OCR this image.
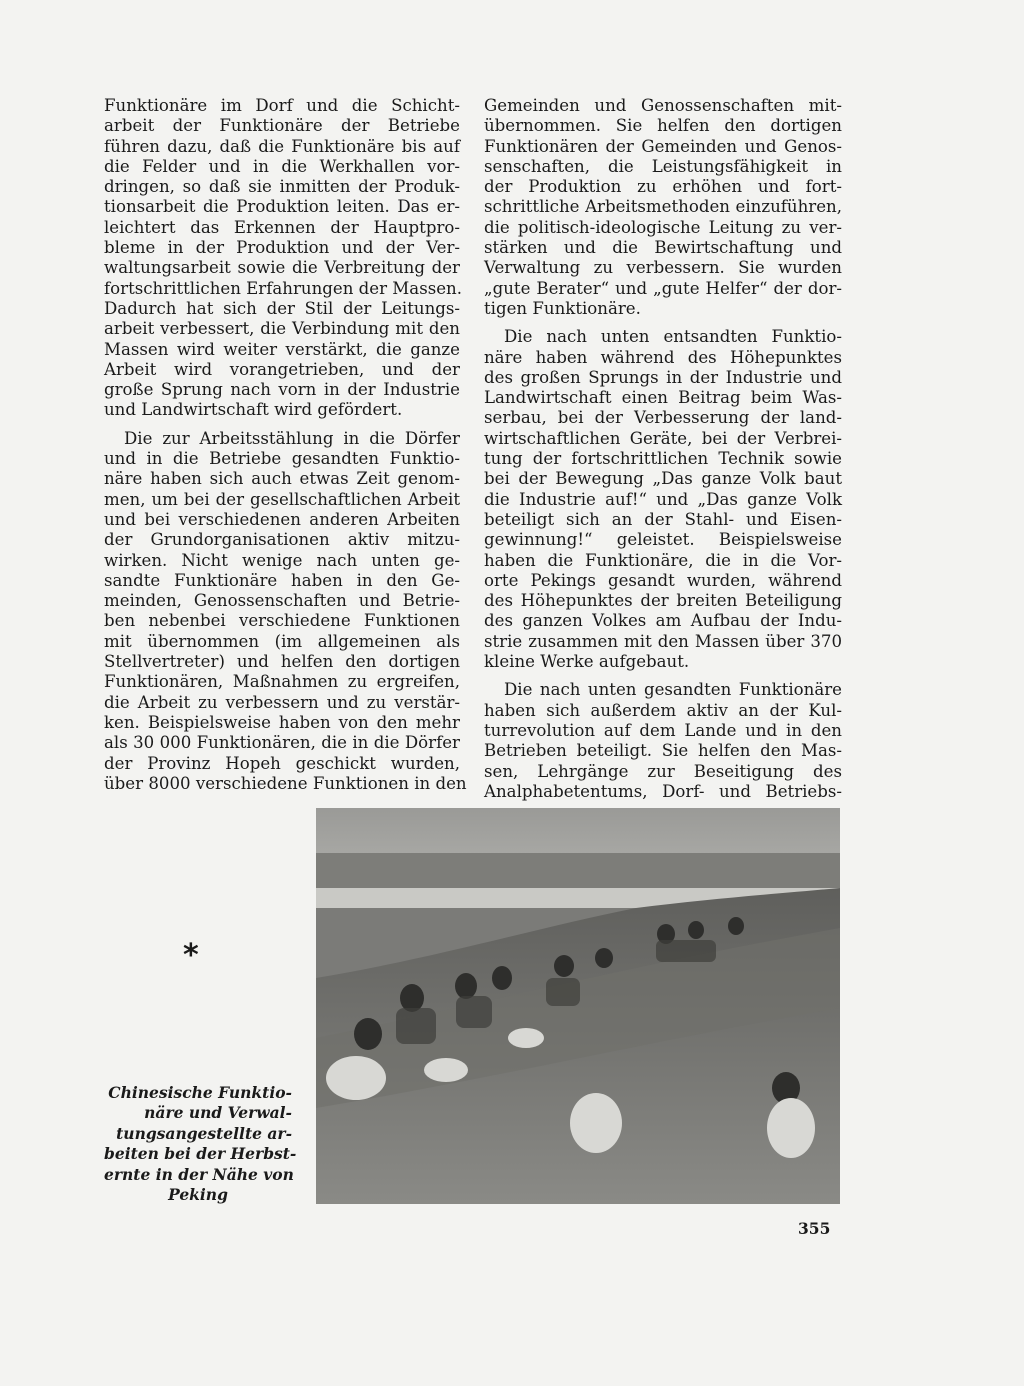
Funktionäre im Dorf und die Schicht-
arbeit der Funktionäre der Betriebe
führen dazu, daß die Funktionäre bis auf
die Felder und in die Werkhallen vor-
dringen, so daß sie inmitten der Produk-
tionsarbeit die Produktion leiten. Das er-
leichtert das Erkennen der Hauptpro-
bleme in der Produktion und der Ver-
waltungsarbeit sowie die Verbreitung der
fortschrittlichen Erfahrungen der Massen.
Dadurch hat sich der Stil der Leitungs-
arbeit verbessert, die Verbindung mit den
Massen wird weiter verstärkt, die ganze
Arbeit wird vorangetrieben, und der
große Sprung nach vorn in der Industrie
und Landwirtschaft wird gefördert.
Die zur Arbeitsstählung in die Dörfer
und in die Betriebe gesandten Funktio-
näre haben sich auch etwas Zeit genom-
men, um bei der gesellschaftlichen Arbeit
und bei verschiedenen anderen Arbeiten
der Grundorganisationen aktiv mitzu-
wirken. Nicht wenige nach unten ge-
sandte Funktionäre haben in den Ge-
meinden, Genossenschaften und Betrie-
ben nebenbei verschiedene Funktionen
mit übernommen (im allgemeinen als
Stellvertreter) und helfen den dortigen
Funktionären, Maßnahmen zu ergreifen,
die Arbeit zu verbessern und zu verstär-
ken. Beispielsweise haben von den mehr
als 30 000 Funktionären, die in die Dörfer
der Provinz Hopeh geschickt wurden,
über 8000 verschiedene Funktionen in den
Gemeinden und Genossenschaften mit-
übernommen. Sie helfen den dortigen
Funktionären der Gemeinden und Genos-
senschaften, die Leistungsfähigkeit in
der Produktion zu erhöhen und fort-
schrittliche Arbeitsmethoden einzuführen,
die politisch-ideologische Leitung zu ver-
stärken und die Bewirtschaftung und
Verwaltung zu verbessern. Sie wurden
„gute Berater“ und „gute Helfer“ der dor-
tigen Funktionäre.
Die nach unten entsandten Funktio-
näre haben während des Höhepunktes
des großen Sprungs in der Industrie und
Landwirtschaft einen Beitrag beim Was-
serbau, bei der Verbesserung der land-
wirtschaftlichen Geräte, bei der Verbrei-
tung der fortschrittlichen Technik sowie
bei der Bewegung „Das ganze Volk baut
die Industrie auf!“ und „Das ganze Volk
beteiligt sich an der Stahl- und Eisen-
gewinnung!“ geleistet. Beispielsweise
haben die Funktionäre, die in die Vor-
orte Pekings gesandt wurden, während
des Höhepunktes der breiten Beteiligung
des ganzen Volkes am Aufbau der Indu-
strie zusammen mit den Massen über 370
kleine Werke aufgebaut.
Die nach unten gesandten Funktionäre
haben sich außerdem aktiv an der Kul-
turrevolution auf dem Lande und in den
Betrieben beteiligt. Sie helfen den Mas-
sen, Lehrgänge zur Beseitigung des
Analphabetentums, Dorf- und Betriebs-
*
Chinesische Funktio-
näre und Verwal-
tungsangestellte ar-
beiten bei der Herbst-
ernte in der Nähe von
Peking
355
